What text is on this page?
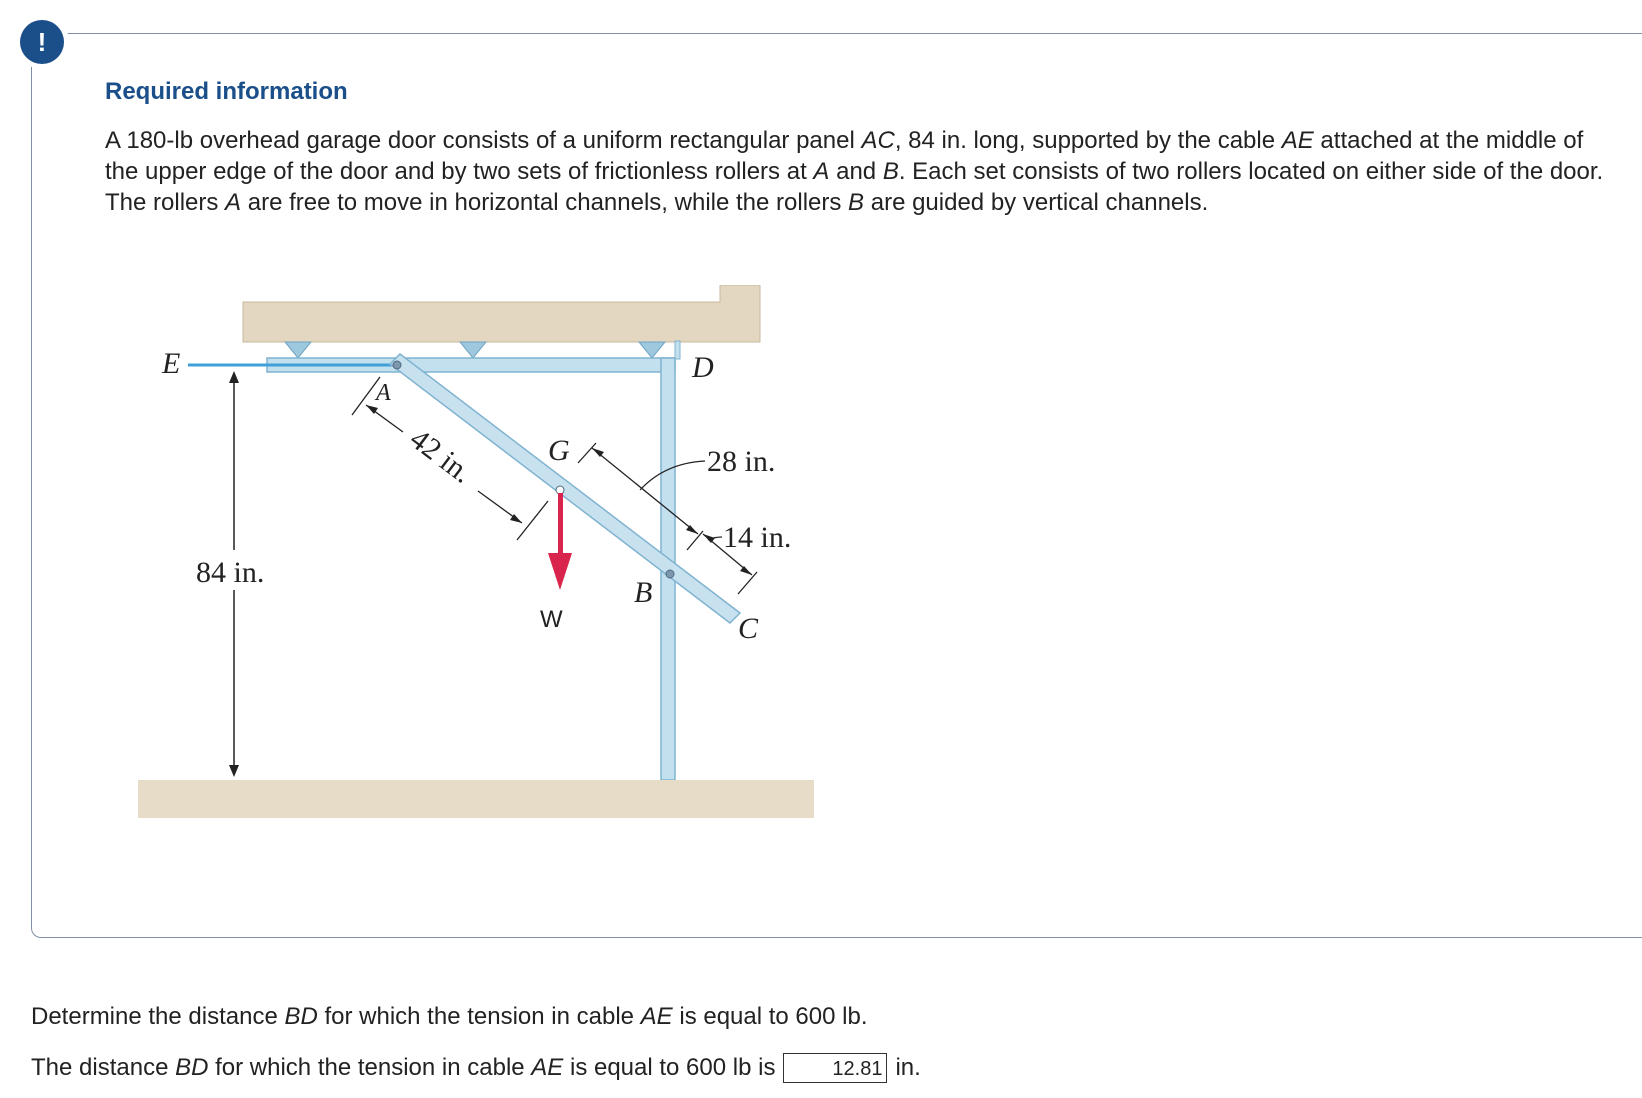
!
Required information
A 180-lb overhead garage door consists of a uniform rectangular panel AC, 84 in. long, supported by the cable AE attached at the middle of the upper edge of the door and by two sets of frictionless rollers at A and B. Each set consists of two rollers located on either side of the door. The rollers A are free to move in horizontal channels, while the rollers B are guided by vertical channels.
E
A
D
G
B
C
W
84 in.
28 in.
14 in.
42 in.
Determine the distance BD for which the tension in cable AE is equal to 600 lb.
The distance
BD
for which the tension in cable
AE
is equal to 600 lb is	12.81 in.
